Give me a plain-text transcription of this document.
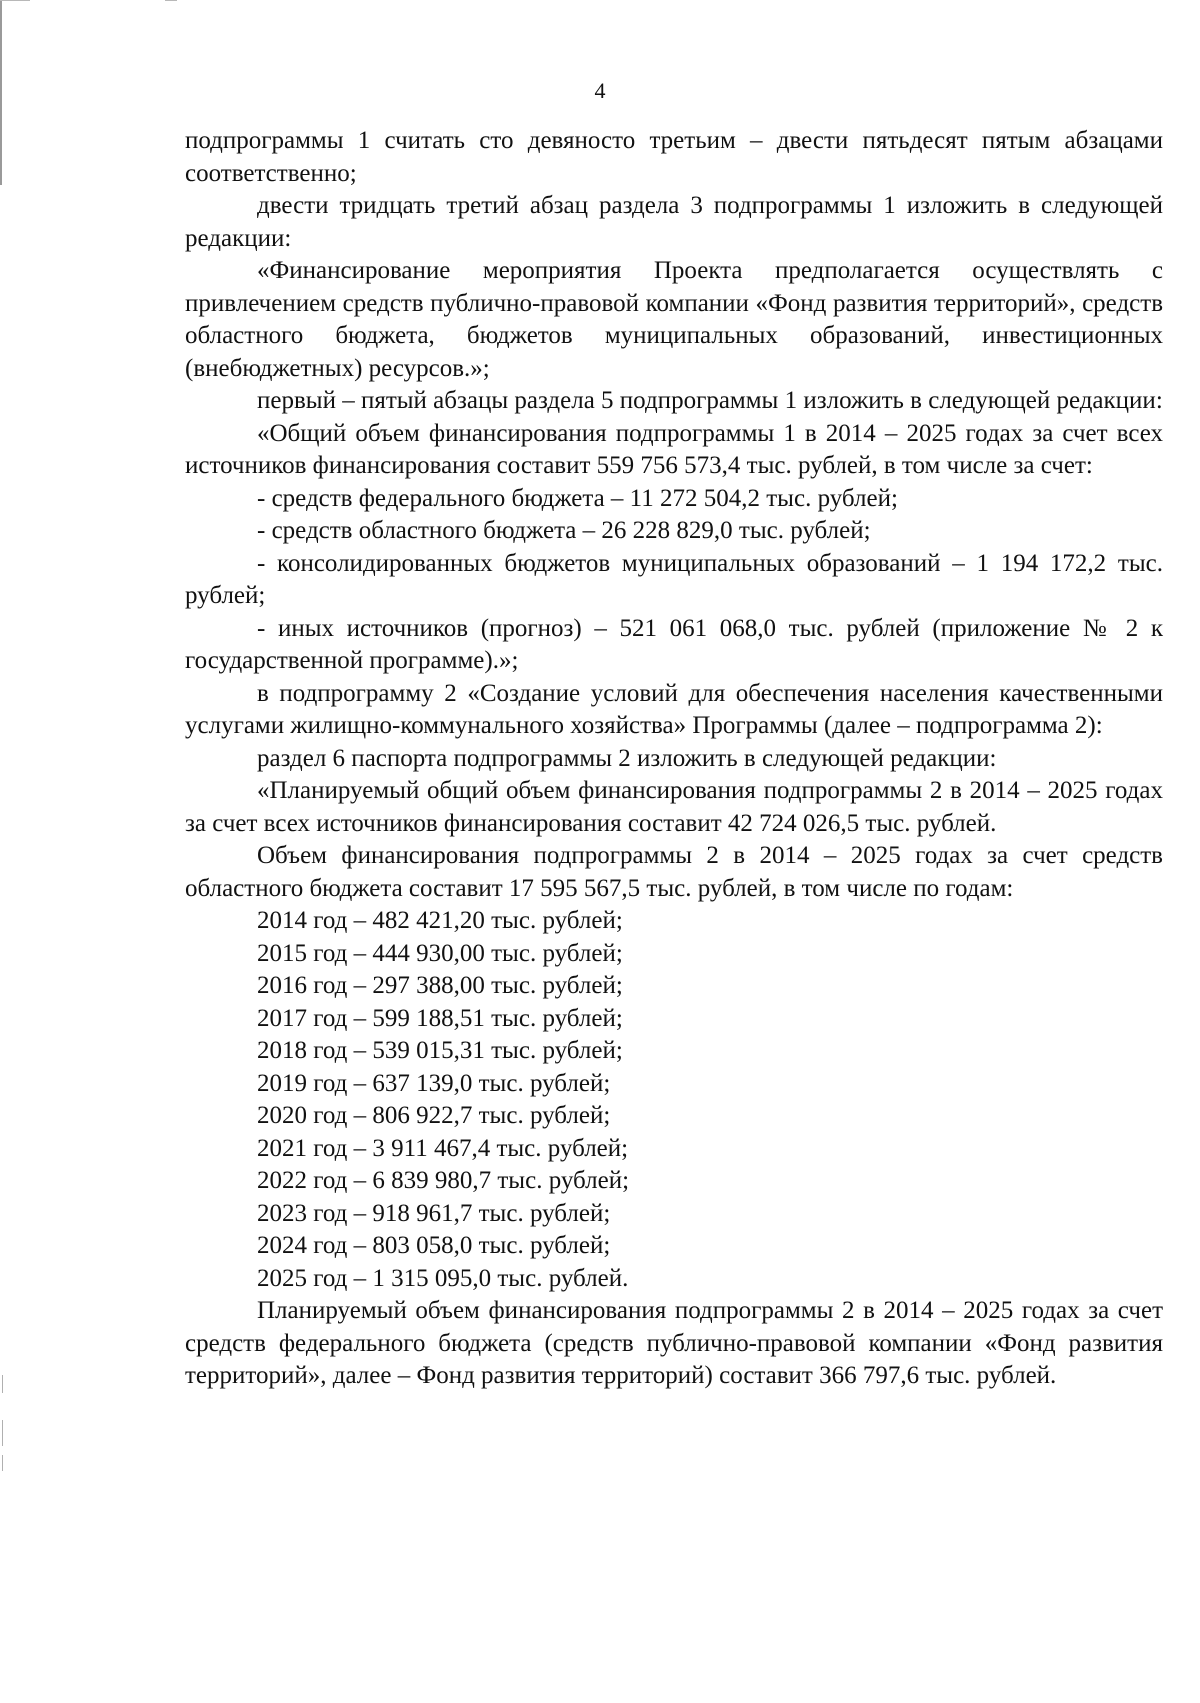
4

подпрограммы 1 считать сто девяносто третьим – двести пятьдесят пятым абзацами соответственно;

двести тридцать третий абзац раздела 3 подпрограммы 1 изложить в следующей редакции:

«Финансирование мероприятия Проекта предполагается осуществлять с привлечением средств публично-правовой компании «Фонд развития территорий», средств областного бюджета, бюджетов муниципальных образований, инвестиционных (внебюджетных) ресурсов.»;

первый – пятый абзацы раздела 5 подпрограммы 1 изложить в следующей редакции:

«Общий объем финансирования подпрограммы 1 в 2014 – 2025 годах за счет всех источников финансирования составит 559 756 573,4 тыс. рублей, в том числе за счет:

- средств федерального бюджета – 11 272 504,2 тыс. рублей;

- средств областного бюджета – 26 228 829,0 тыс. рублей;

- консолидированных бюджетов муниципальных образований – 1 194 172,2 тыс. рублей;

- иных источников (прогноз) – 521 061 068,0 тыс. рублей (приложение № 2 к государственной программе).»;

в подпрограмму 2 «Создание условий для обеспечения населения качественными услугами жилищно-коммунального хозяйства» Программы (далее – подпрограмма 2):

раздел 6 паспорта подпрограммы 2 изложить в следующей редакции:

«Планируемый общий объем финансирования подпрограммы 2 в 2014 – 2025 годах за счет всех источников финансирования составит 42 724 026,5 тыс. рублей.

Объем финансирования подпрограммы 2 в 2014 – 2025 годах за счет средств областного бюджета составит 17 595 567,5 тыс. рублей, в том числе по годам:

2014 год – 482 421,20 тыс. рублей;
2015 год – 444 930,00 тыс. рублей;
2016 год – 297 388,00 тыс. рублей;
2017 год – 599 188,51 тыс. рублей;
2018 год – 539 015,31 тыс. рублей;
2019 год – 637 139,0 тыс. рублей;
2020 год – 806 922,7 тыс. рублей;
2021 год – 3 911 467,4 тыс. рублей;
2022 год – 6 839 980,7 тыс. рублей;
2023 год – 918 961,7 тыс. рублей;
2024 год – 803 058,0 тыс. рублей;
2025 год – 1 315 095,0 тыс. рублей.

Планируемый объем финансирования подпрограммы 2 в 2014 – 2025 годах за счет средств федерального бюджета (средств публично-правовой компании «Фонд развития территорий», далее – Фонд развития территорий) составит 366 797,6 тыс. рублей.
